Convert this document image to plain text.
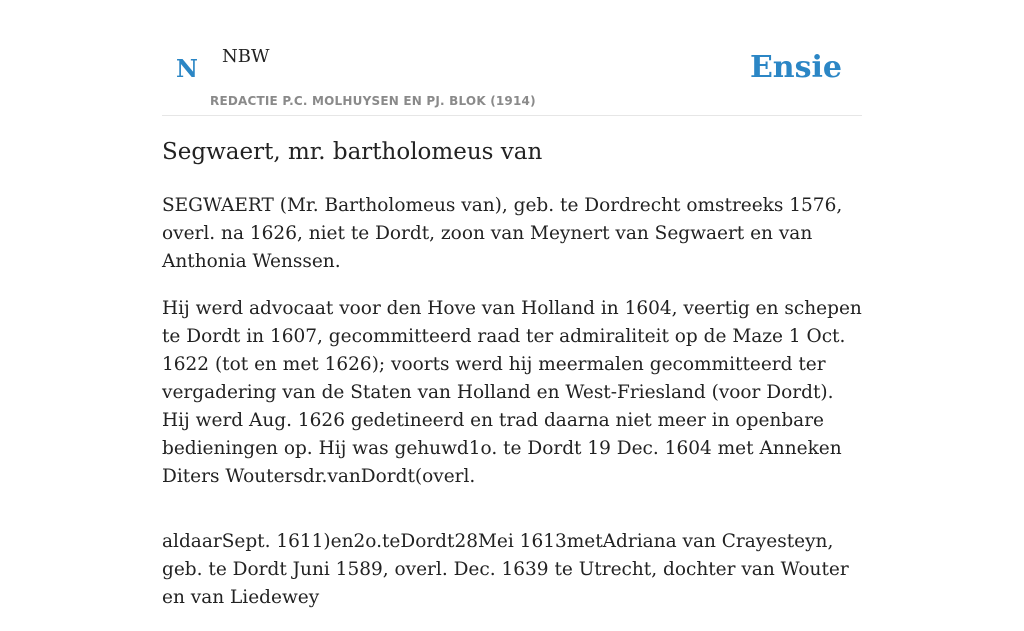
N NBW
REDACTIE P.C. MOLHUYSEN EN PJ. BLOK (1914)
Ensie
Segwaert, mr. bartholomeus van

SEGWAERT (Mr. Bartholomeus van), geb. te Dordrecht omstreeks 1576, overl. na 1626, niet te Dordt, zoon van Meynert van Segwaert en van Anthonia Wenssen.

Hij werd advocaat voor den Hove van Holland in 1604, veertig en schepen te Dordt in 1607, gecommitteerd raad ter admiraliteit op de Maze 1 Oct. 1622 (tot en met 1626); voorts werd hij meermalen gecommitteerd ter vergadering van de Staten van Holland en West-Friesland (voor Dordt). Hij werd Aug. 1626 gedetineerd en trad daarna niet meer in openbare bedieningen op. Hij was gehuwd1o. te Dordt 19 Dec. 1604 met Anneken Diters Woutersdr.vanDordt(overl.

aldaarSept. 1611)en2o.teDordt28Mei 1613metAdriana van Crayesteyn, geb. te Dordt Juni 1589, overl. Dec. 1639 te Utrecht, dochter van Wouter en van Liedewey
